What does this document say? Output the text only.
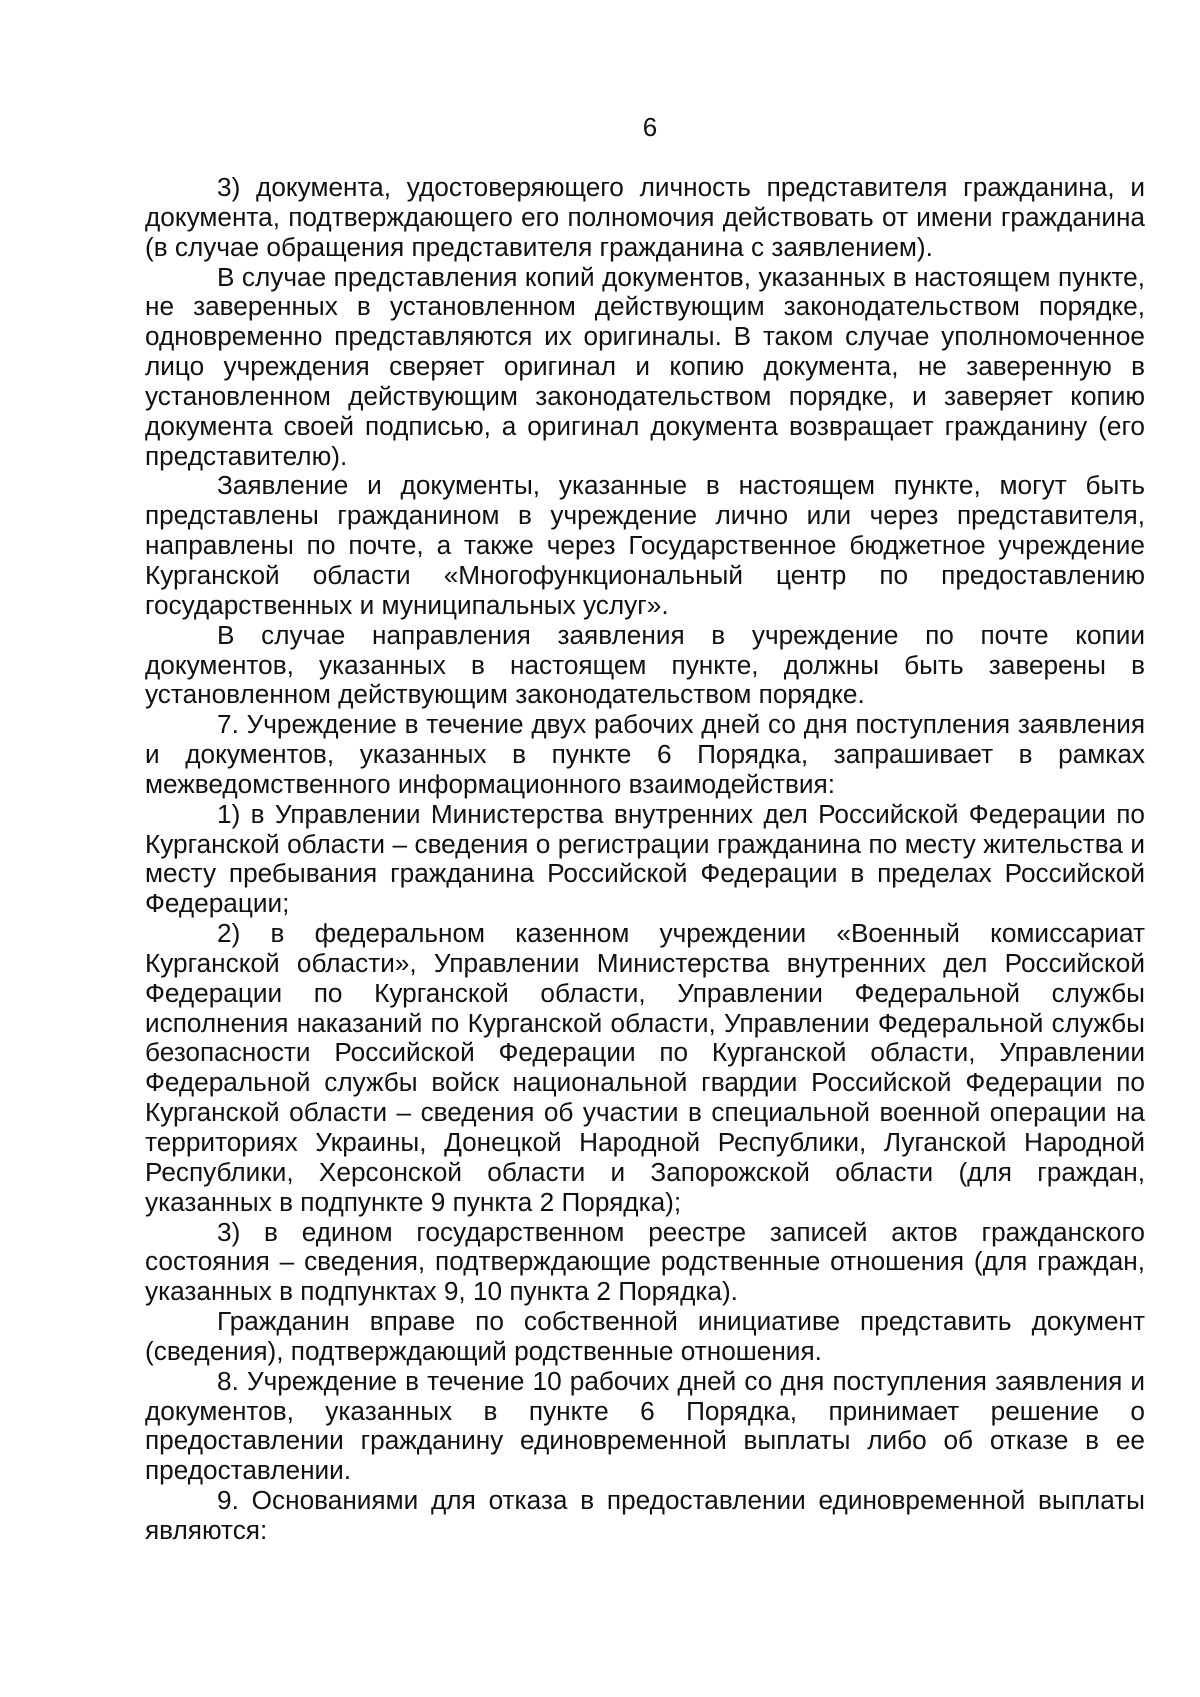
6

3) документа, удостоверяющего личность представителя гражданина, и документа, подтверждающего его полномочия действовать от имени гражданина (в случае обращения представителя гражданина с заявлением).

В случае представления копий документов, указанных в настоящем пункте, не заверенных в установленном действующим законодательством порядке, одновременно представляются их оригиналы. В таком случае уполномоченное лицо учреждения сверяет оригинал и копию документа, не заверенную в установленном действующим законодательством порядке, и заверяет копию документа своей подписью, а оригинал документа возвращает гражданину (его представителю).

Заявление и документы, указанные в настоящем пункте, могут быть представлены гражданином в учреждение лично или через представителя, направлены по почте, а также через Государственное бюджетное учреждение Курганской области «Многофункциональный центр по предоставлению государственных и муниципальных услуг».

В случае направления заявления в учреждение по почте копии документов, указанных в настоящем пункте, должны быть заверены в установленном действующим законодательством порядке.

7. Учреждение в течение двух рабочих дней со дня поступления заявления и документов, указанных в пункте 6 Порядка, запрашивает в рамках межведомственного информационного взаимодействия:

1) в Управлении Министерства внутренних дел Российской Федерации по Курганской области – сведения о регистрации гражданина по месту жительства и месту пребывания гражданина Российской Федерации в пределах Российской Федерации;

2) в федеральном казенном учреждении «Военный комиссариат Курганской области», Управлении Министерства внутренних дел Российской Федерации по Курганской области, Управлении Федеральной службы исполнения наказаний по Курганской области, Управлении Федеральной службы безопасности Российской Федерации по Курганской области, Управлении Федеральной службы войск национальной гвардии Российской Федерации по Курганской области – сведения об участии в специальной военной операции на территориях Украины, Донецкой Народной Республики, Луганской Народной Республики, Херсонской области и Запорожской области (для граждан, указанных в подпункте 9 пункта 2 Порядка);

3) в едином государственном реестре записей актов гражданского состояния – сведения, подтверждающие родственные отношения (для граждан, указанных в подпунктах 9, 10 пункта 2 Порядка).

Гражданин вправе по собственной инициативе представить документ (сведения), подтверждающий родственные отношения.

8. Учреждение в течение 10 рабочих дней со дня поступления заявления и документов, указанных в пункте 6 Порядка, принимает решение о предоставлении гражданину единовременной выплаты либо об отказе в ее предоставлении.

9. Основаниями для отказа в предоставлении единовременной выплаты являются:
